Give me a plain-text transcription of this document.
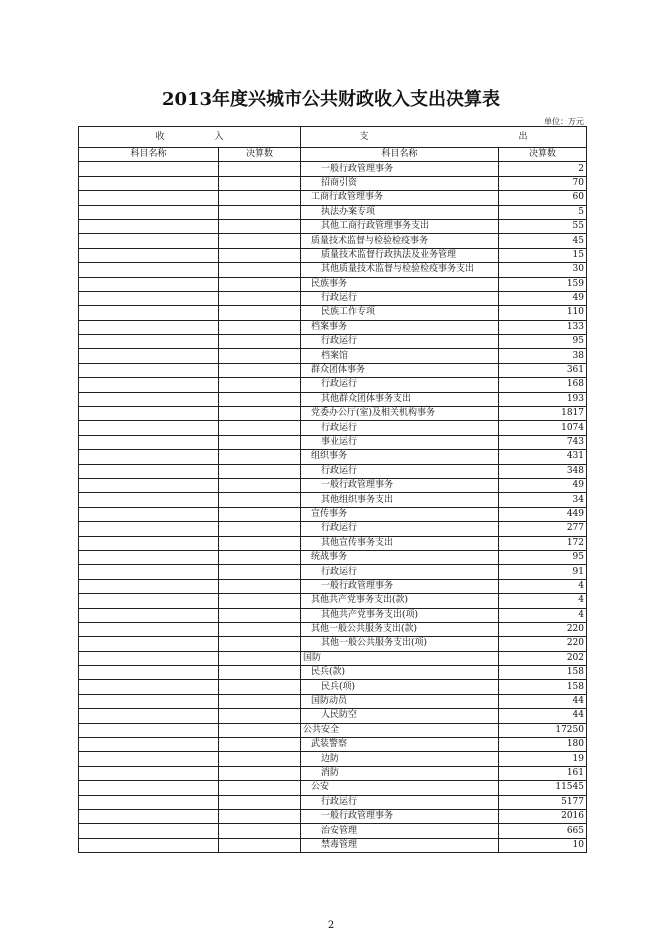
2013年度兴城市公共财政收入支出决算表
单位：万元
收 入		支 出	
科目名称	决算数	科目名称	决算数
		一般行政管理事务	2
		招商引资	70
		工商行政管理事务	60
		执法办案专项	5
		其他工商行政管理事务支出	55
		质量技术监督与检验检疫事务	45
		质量技术监督行政执法及业务管理	15
		其他质量技术监督与检验检疫事务支出	30
		民族事务	159
		行政运行	49
		民族工作专项	110
		档案事务	133
		行政运行	95
		档案馆	38
		群众团体事务	361
		行政运行	168
		其他群众团体事务支出	193
		党委办公厅(室)及相关机构事务	1817
		行政运行	1074
		事业运行	743
		组织事务	431
		行政运行	348
		一般行政管理事务	49
		其他组织事务支出	34
		宣传事务	449
		行政运行	277
		其他宣传事务支出	172
		统战事务	95
		行政运行	91
		一般行政管理事务	4
		其他共产党事务支出(款)	4
		其他共产党事务支出(项)	4
		其他一般公共服务支出(款)	220
		其他一般公共服务支出(项)	220
		国防	202
		民兵(款)	158
		民兵(项)	158
		国防动员	44
		人民防空	44
		公共安全	17250
		武装警察	180
		边防	19
		消防	161
		公安	11545
		行政运行	5177
		一般行政管理事务	2016
		治安管理	665
		禁毒管理	10
2
